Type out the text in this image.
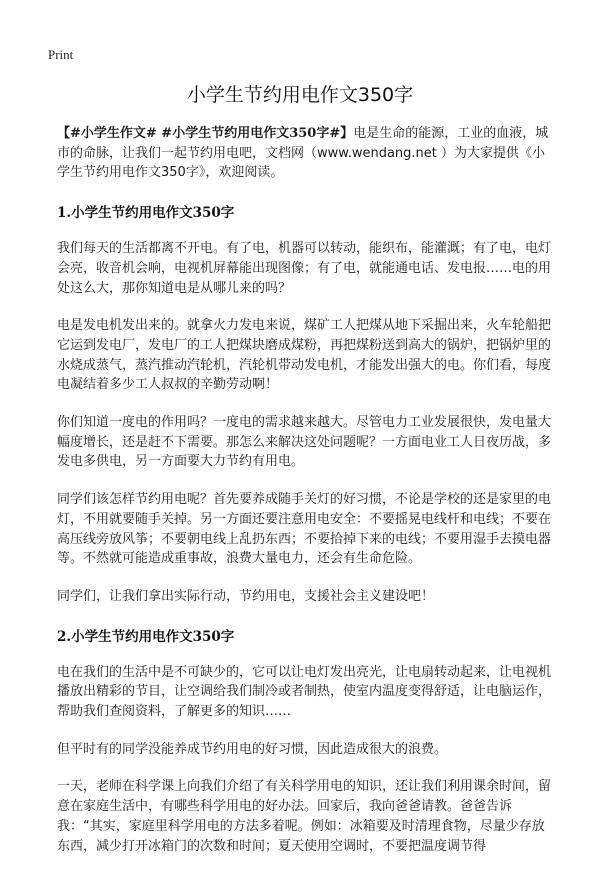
Print
小学生节约用电作文350字

【#小学生作文# #小学生节约用电作文350字#】电是生命的能源，工业的血液，城市的命脉，让我们一起节约用电吧，文档网（www.wendang.net ）为大家提供《小学生节约用电作文350字》，欢迎阅读。

1.小学生节约用电作文350字

我们每天的生活都离不开电。有了电，机器可以转动，能织布，能灌溉；有了电，电灯会亮，收音机会响，电视机屏幕能出现图像；有了电，就能通电话、发电报……电的用处这么大，那你知道电是从哪儿来的吗？

电是发电机发出来的。就拿火力发电来说，煤矿工人把煤从地下采掘出来，火车轮船把它运到发电厂，发电厂的工人把煤块磨成煤粉，再把煤粉送到高大的锅炉，把锅炉里的水烧成蒸气，蒸汽推动汽轮机，汽轮机带动发电机，才能发出强大的电。你们看，每度电凝结着多少工人叔叔的辛勤劳动啊！

你们知道一度电的作用吗？一度电的需求越来越大。尽管电力工业发展很快，发电量大幅度增长，还是赶不下需要。那怎么来解决这处问题呢？一方面电业工人日夜历战，多发电多供电，另一方面要大力节约有用电。

同学们该怎样节约用电呢？首先要养成随手关灯的好习惯，不论是学校的还是家里的电灯，不用就要随手关掉。另一方面还要注意用电安全：不要摇晃电线杆和电线；不要在高压线旁放风筝；不要朝电线上乱扔东西；不要拾掉下来的电线；不要用湿手去摸电器等。不然就可能造成重事故，浪费大量电力，还会有生命危险。

同学们，让我们拿出实际行动，节约用电，支援社会主义建设吧！

2.小学生节约用电作文350字

电在我们的生活中是不可缺少的，它可以让电灯发出亮光，让电扇转动起来，让电视机播放出精彩的节目，让空调给我们制冷或者制热，使室内温度变得舒适，让电脑运作，帮助我们查阅资料，了解更多的知识……

但平时有的同学没能养成节约用电的好习惯，因此造成很大的浪费。

一天，老师在科学课上向我们介绍了有关科学用电的知识，还让我们利用课余时间，留意在家庭生活中，有哪些科学用电的好办法。回家后，我向爸爸请教。爸爸告诉我：“其实，家庭里科学用电的方法多着呢。例如：冰箱要及时清理食物，尽量少存放东西，减少打开冰箱门的次数和时间；夏天使用空调时，不要把温度调节得
